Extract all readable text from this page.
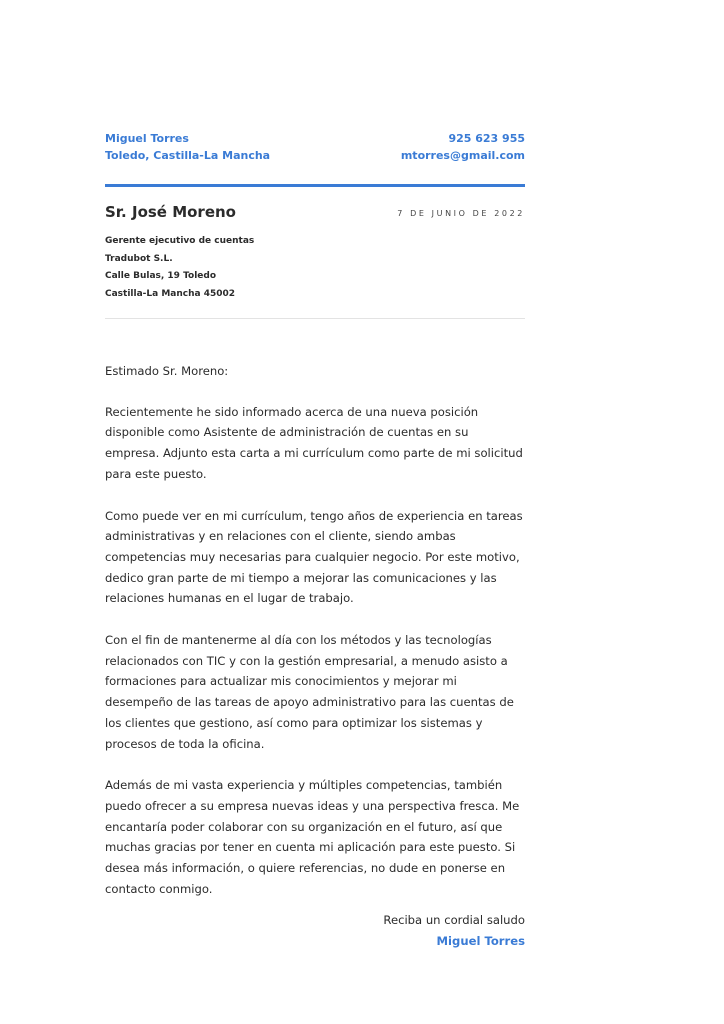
Miguel Torres
Toledo, Castilla-La Mancha
925 623 955
mtorres@gmail.com
Sr. José Moreno	7 DE JUNIO DE 2022
Gerente ejecutivo de cuentas
Tradubot S.L.
Calle Bulas, 19 Toledo
Castilla-La Mancha 45002

Estimado Sr. Moreno:

Recientemente he sido informado acerca de una nueva posición disponible como Asistente de administración de cuentas en su empresa. Adjunto esta carta a mi currículum como parte de mi solicitud para este puesto.

Como puede ver en mi currículum, tengo años de experiencia en tareas administrativas y en relaciones con el cliente, siendo ambas competencias muy necesarias para cualquier negocio. Por este motivo, dedico gran parte de mi tiempo a mejorar las comunicaciones y las relaciones humanas en el lugar de trabajo.

Con el fin de mantenerme al día con los métodos y las tecnologías relacionados con TIC y con la gestión empresarial, a menudo asisto a formaciones para actualizar mis conocimientos y mejorar mi desempeño de las tareas de apoyo administrativo para las cuentas de los clientes que gestiono, así como para optimizar los sistemas y procesos de toda la oficina.

Además de mi vasta experiencia y múltiples competencias, también puedo ofrecer a su empresa nuevas ideas y una perspectiva fresca. Me encantaría poder colaborar con su organización en el futuro, así que muchas gracias por tener en cuenta mi aplicación para este puesto. Si desea más información, o quiere referencias, no dude en ponerse en contacto conmigo.

Reciba un cordial saludo
Miguel Torres
